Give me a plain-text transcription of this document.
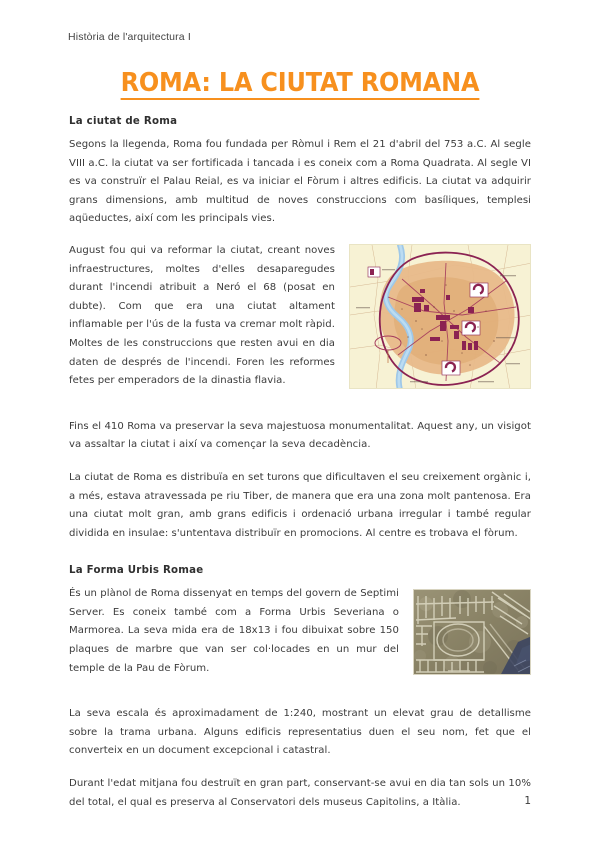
Història de l'arquitectura I
ROMA: LA CIUTAT ROMANA
La ciutat de Roma

Segons la llegenda, Roma fou fundada per Ròmul i Rem el 21 d'abril del 753 a.C. Al segle VIII a.C. la ciutat va ser fortificada i tancada i es coneix com a Roma Quadrata. Al segle VI es va construïr el Palau Reial, es va iniciar el Fòrum i altres edificis. La ciutat va adquirir grans dimensions, amb multitud de noves construccions com basíliques, templesi aqüeductes, així com les principals vies.

August fou qui va reformar la ciutat, creant noves infraestructures, moltes d'elles desaparegudes durant l'incendi atribuit a Neró el 68 (posat en dubte). Com que era una ciutat altament inflamable per l'ús de la fusta va cremar molt ràpid. Moltes de les construccions que resten avui en dia daten de després de l'incendi. Foren les reformes fetes per emperadors de la dinastia flavia.

Fins el 410 Roma va preservar la seva majestuosa monumentalitat. Aquest any, un visigot va assaltar la ciutat i així va començar la seva decadència.

La ciutat de Roma es distribuïa en set turons que dificultaven el seu creixement orgànic i, a més, estava atravessada pe riu Tiber, de manera que era una zona molt pantenosa. Era una ciutat molt gran, amb grans edificis i ordenació urbana irregular i també regular dividida en insulae: s'untentava distribuïr en promocions. Al centre es trobava el fòrum.

La Forma Urbis Romae

És un plànol de Roma dissenyat en temps del govern de Septimi Server. Es coneix també com a Forma Urbis Severiana o Marmorea. La seva mida era de 18x13 i fou dibuixat sobre 150 plaques de marbre que van ser col·locades en un mur del temple de la Pau de Fòrum.

La seva escala és aproximadament de 1:240, mostrant un elevat grau de detallisme sobre la trama urbana. Alguns edificis representatius duen el seu nom, fet que el converteix en un document excepcional i catastral.

Durant l'edat mitjana fou destruït en gran part, conservant-se avui en dia tan sols un 10% del total, el qual es preserva al Conservatori dels museus Capitolins, a Itàlia.	1
